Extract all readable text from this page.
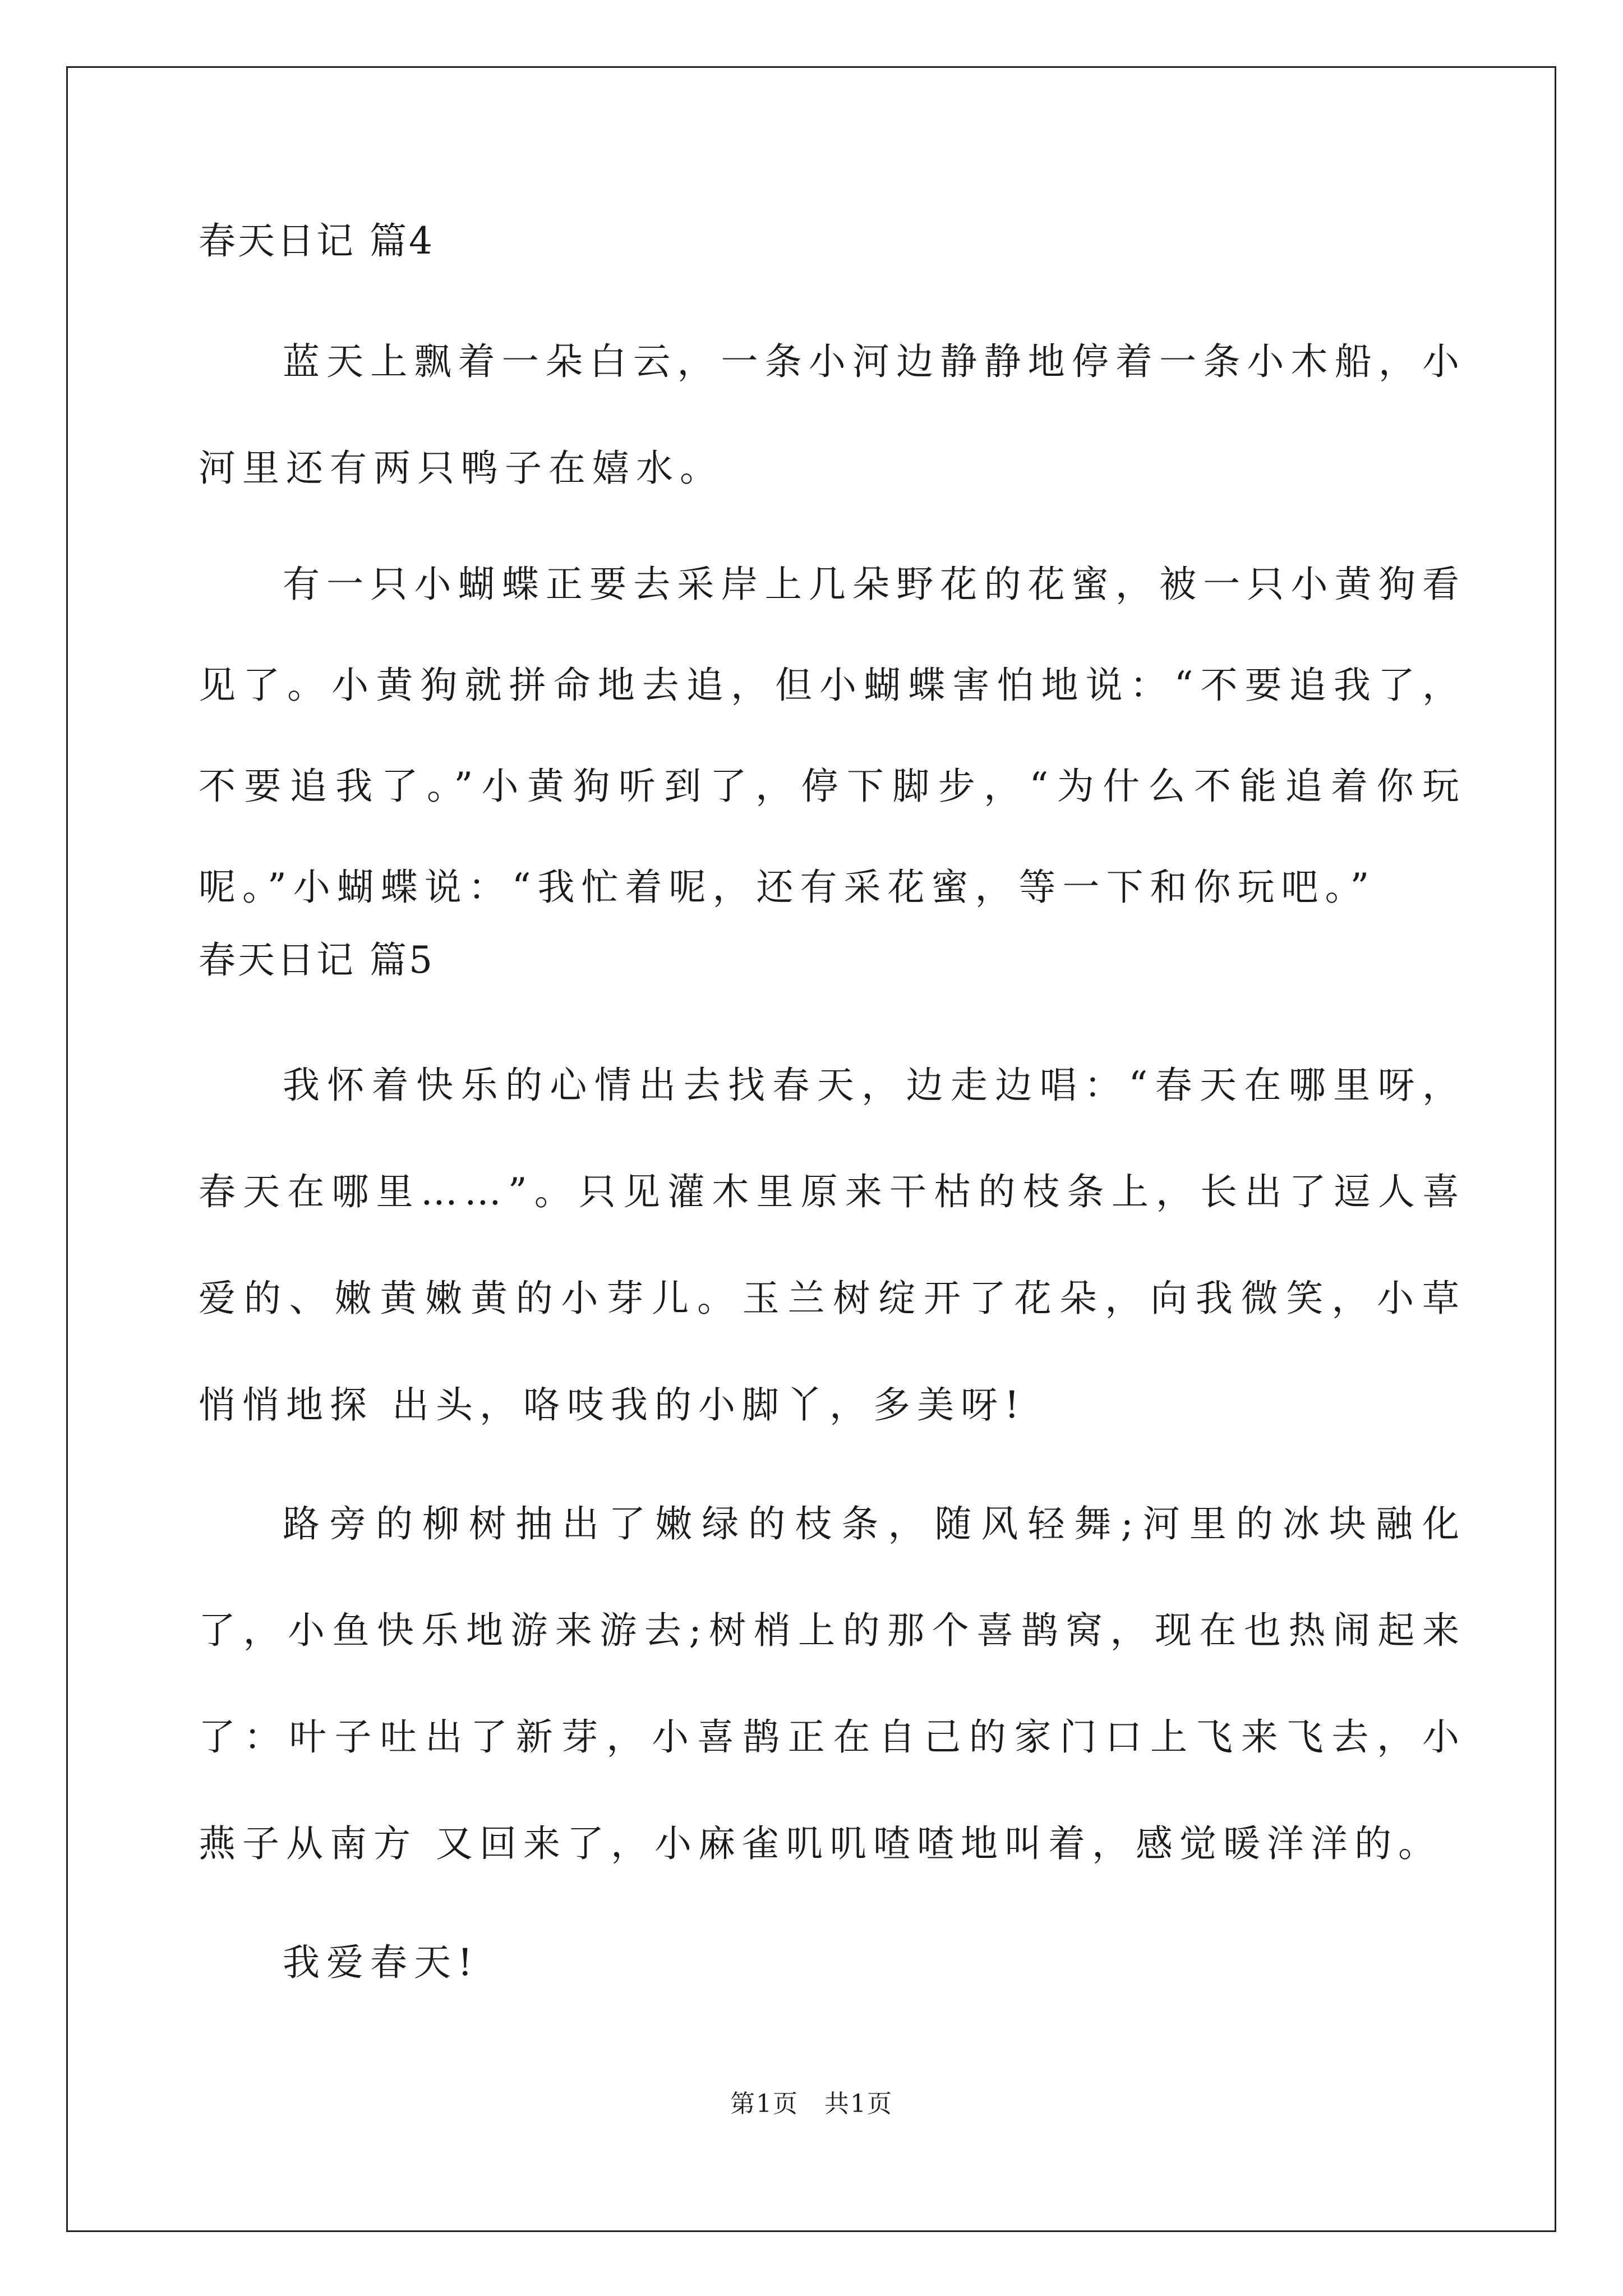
春天日记 篇4

蓝天上飘着一朵白云，一条小河边静静地停着一条小木船，小河里还有两只鸭子在嬉水。

有一只小蝴蝶正要去采岸上几朵野花的花蜜，被一只小黄狗看见了。小黄狗就拼命地去追，但小蝴蝶害怕地说：“不要追我了，不要追我了。”小黄狗听到了，停下脚步，“为什么不能追着你玩呢。”小蝴蝶说：“我忙着呢，还有采花蜜，等一下和你玩吧。”

春天日记 篇5

我怀着快乐的心情出去找春天，边走边唱：“春天在哪里呀，春天在哪里……”。只见灌木里原来干枯的枝条上，长出了逗人喜爱的、嫩黄嫩黄的小芽儿。玉兰树绽开了花朵，向我微笑，小草悄悄地探 出头，咯吱我的小脚丫，多美呀!

路旁的柳树抽出了嫩绿的枝条，随风轻舞;河里的冰块融化了，小鱼快乐地游来游去;树梢上的那个喜鹊窝，现在也热闹起来了：叶子吐出了新芽，小喜鹊正在自己的家门口上飞来飞去，小燕子从南方 又回来了，小麻雀叽叽喳喳地叫着，感觉暖洋洋的。

我爱春天!

第1页　共1页
